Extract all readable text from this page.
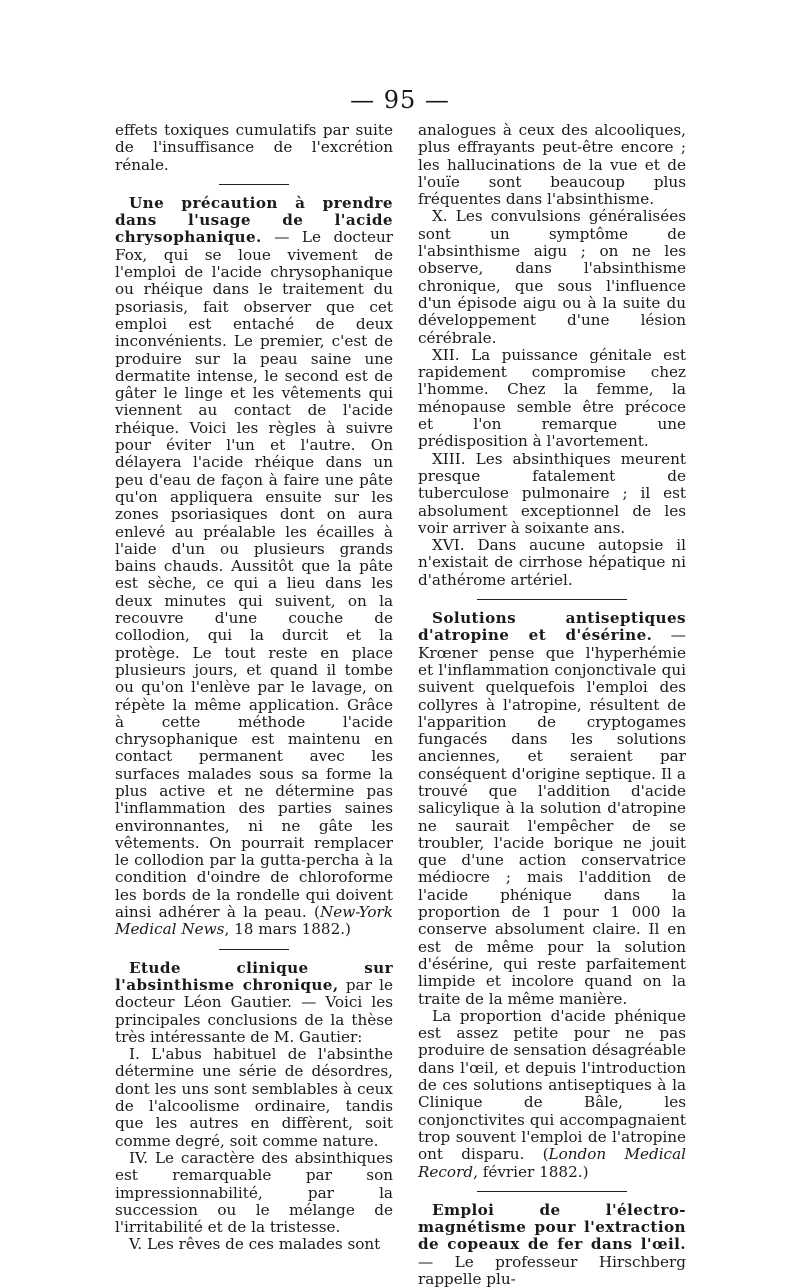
— 95 —

effets toxiques cumulatifs par suite de l'insuffisance de l'excrétion rénale.

Une précaution à prendre dans l'usage de l'acide chrysophanique. — Le docteur Fox, qui se loue vivement de l'emploi de l'acide chrysophanique ou rhéique dans le traitement du psoriasis, fait observer que cet emploi est entaché de deux inconvénients. Le premier, c'est de produire sur la peau saine une dermatite intense, le second est de gâter le linge et les vêtements qui viennent au contact de l'acide rhéique. Voici les règles à suivre pour éviter l'un et l'autre. On délayera l'acide rhéique dans un peu d'eau de façon à faire une pâte qu'on appliquera ensuite sur les zones psoriasiques dont on aura enlevé au préalable les écailles à l'aide d'un ou plusieurs grands bains chauds. Aussitôt que la pâte est sèche, ce qui a lieu dans les deux minutes qui suivent, on la recouvre d'une couche de collodion, qui la durcit et la protège. Le tout reste en place plusieurs jours, et quand il tombe ou qu'on l'enlève par le lavage, on répète la même application. Grâce à cette méthode l'acide chrysophanique est maintenu en contact permanent avec les surfaces malades sous sa forme la plus active et ne détermine pas l'inflammation des parties saines environnantes, ni ne gâte les vêtements. On pourrait remplacer le collodion par la gutta-percha à la condition d'oindre de chloroforme les bords de la rondelle qui doivent ainsi adhérer à la peau. (New-York Medical News, 18 mars 1882.)

Etude clinique sur l'absinthisme chronique, par le docteur Léon Gautier. — Voici les principales conclusions de la thèse très intéressante de M. Gautier:

I. L'abus habituel de l'absinthe détermine une série de désordres, dont les uns sont semblables à ceux de l'alcoolisme ordinaire, tandis que les autres en diffèrent, soit comme degré, soit comme nature.

IV. Le caractère des absinthiques est remarquable par son impressionnabilité, par la succession ou le mélange de l'irritabilité et de la tristesse.

V. Les rêves de ces malades sont

analogues à ceux des alcooliques, plus effrayants peut-être encore ; les hallucinations de la vue et de l'ouïe sont beaucoup plus fréquentes dans l'absinthisme.

X. Les convulsions généralisées sont un symptôme de l'absinthisme aigu ; on ne les observe, dans l'absinthisme chronique, que sous l'influence d'un épisode aigu ou à la suite du développement d'une lésion cérébrale.

XII. La puissance génitale est rapidement compromise chez l'homme. Chez la femme, la ménopause semble être précoce et l'on remarque une prédisposition à l'avortement.

XIII. Les absinthiques meurent presque fatalement de tuberculose pulmonaire ; il est absolument exceptionnel de les voir arriver à soixante ans.

XVI. Dans aucune autopsie il n'existait de cirrhose hépatique ni d'athérome artériel.

Solutions antiseptiques d'atropine et d'ésérine. — Krœner pense que l'hyperhémie et l'inflammation conjonctivale qui suivent quelquefois l'emploi des collyres à l'atropine, résultent de l'apparition de cryptogames fungacés dans les solutions anciennes, et seraient par conséquent d'origine septique. Il a trouvé que l'addition d'acide salicylique à la solution d'atropine ne saurait l'empêcher de se troubler, l'acide borique ne jouit que d'une action conservatrice médiocre ; mais l'addition de l'acide phénique dans la proportion de 1 pour 1 000 la conserve absolument claire. Il en est de même pour la solution d'ésérine, qui reste parfaitement limpide et incolore quand on la traite de la même manière.

La proportion d'acide phénique est assez petite pour ne pas produire de sensation désagréable dans l'œil, et depuis l'introduction de ces solutions antiseptiques à la Clinique de Bâle, les conjonctivites qui accompagnaient trop souvent l'emploi de l'atropine ont disparu. (London Medical Record, février 1882.)

Emploi de l'électro-magnétisme pour l'extraction de copeaux de fer dans l'œil. — Le professeur Hirschberg rappelle plu-
